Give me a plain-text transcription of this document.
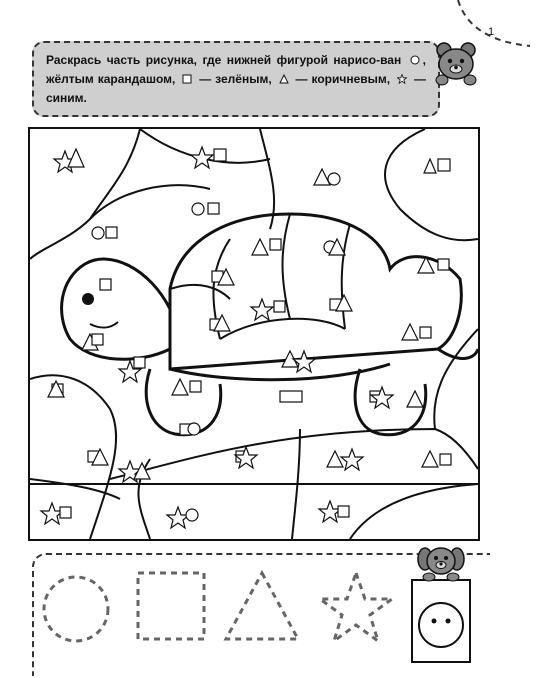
1
Раскрась часть рисунка, где нижней фигурой нарисо-ван , жёлтым карандашом, — зелёным, — коричневым, — синим.
